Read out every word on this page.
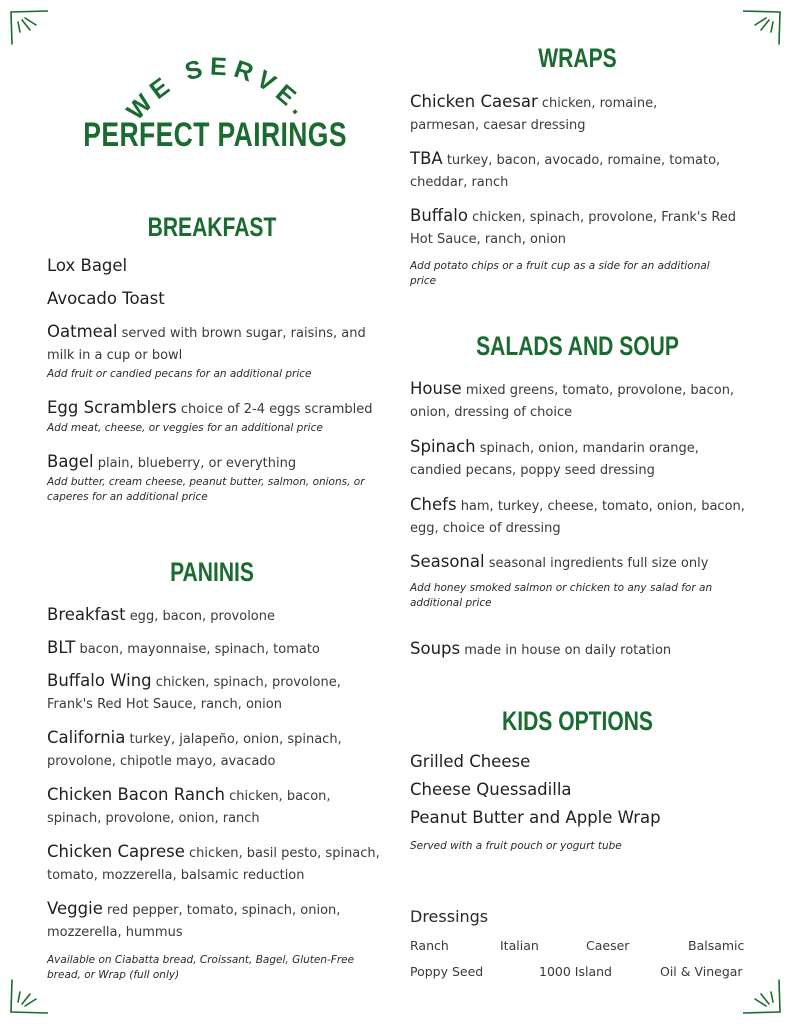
WE SERVE.
PERFECT PAIRINGS
BREAKFAST
Lox Bagel
Avocado Toast
Oatmeal served with brown sugar, raisins, and milk in a cup or bowl
Add fruit or candied pecans for an additional price
Egg Scramblers choice of 2-4 eggs scrambled
Add meat, cheese, or veggies for an additional price
Bagel plain, blueberry, or everything
Add butter, cream cheese, peanut butter, salmon, onions, or caperes for an additional price
PANINIS
Breakfast egg, bacon, provolone
BLT bacon, mayonnaise, spinach, tomato
Buffalo Wing chicken, spinach, provolone, Frank's Red Hot Sauce, ranch, onion
California turkey, jalapeño, onion, spinach, provolone, chipotle mayo, avacado
Chicken Bacon Ranch chicken, bacon, spinach, provolone, onion, ranch
Chicken Caprese chicken, basil pesto, spinach, tomato, mozzerella, balsamic reduction
Veggie red pepper, tomato, spinach, onion, mozzerella, hummus
Available on Ciabatta bread, Croissant, Bagel, Gluten-Free bread, or Wrap (full only)
WRAPS
Chicken Caesar chicken, romaine, parmesan, caesar dressing
TBA turkey, bacon, avocado, romaine, tomato, cheddar, ranch
Buffalo chicken, spinach, provolone, Frank's Red Hot Sauce, ranch, onion
Add potato chips or a fruit cup as a side for an additional price
SALADS AND SOUP
House mixed greens, tomato, provolone, bacon, onion, dressing of choice
Spinach spinach, onion, mandarin orange, candied pecans, poppy seed dressing
Chefs ham, turkey, cheese, tomato, onion, bacon, egg, choice of dressing
Seasonal seasonal ingredients full size only
Add honey smoked salmon or chicken to any salad for an additional price
Soups made in house on daily rotation
KIDS OPTIONS
Grilled Cheese
Cheese Quessadilla
Peanut Butter and Apple Wrap
Served with a fruit pouch or yogurt tube
Dressings
Ranch	Italian	Caeser	Balsamic
Poppy Seed	1000 Island	Oil & Vinegar
